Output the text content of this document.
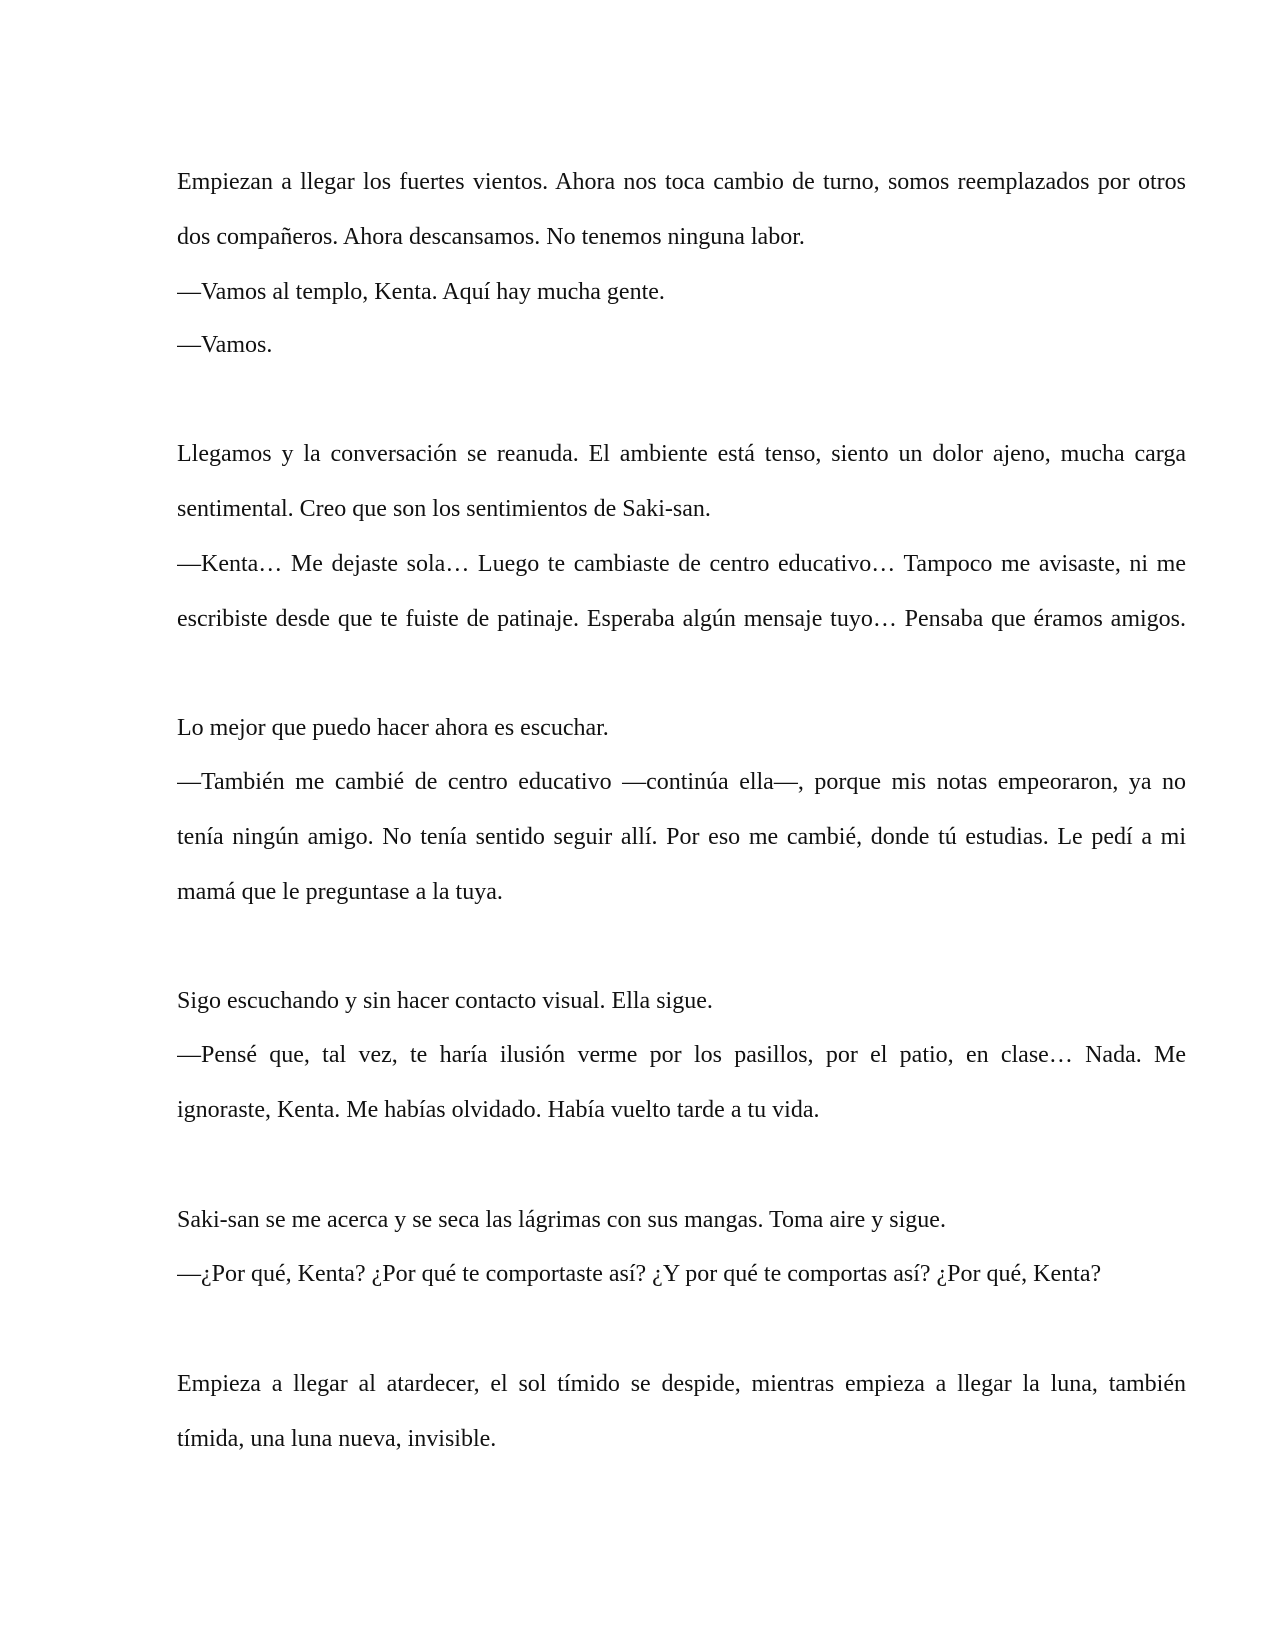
Empiezan a llegar los fuertes vientos. Ahora nos toca cambio de turno, somos reemplazados por otros
dos compañeros. Ahora descansamos. No tenemos ninguna labor.
—Vamos al templo, Kenta. Aquí hay mucha gente.
—Vamos.
Llegamos y la conversación se reanuda. El ambiente está tenso, siento un dolor ajeno, mucha carga
sentimental. Creo que son los sentimientos de Saki-san.
—Kenta… Me dejaste sola… Luego te cambiaste de centro educativo… Tampoco me avisaste, ni me
escribiste desde que te fuiste de patinaje. Esperaba algún mensaje tuyo… Pensaba que éramos amigos.
Lo mejor que puedo hacer ahora es escuchar.
—También me cambié de centro educativo —continúa ella—, porque mis notas empeoraron, ya no
tenía ningún amigo. No tenía sentido seguir allí. Por eso me cambié, donde tú estudias. Le pedí a mi
mamá que le preguntase a la tuya.
Sigo escuchando y sin hacer contacto visual. Ella sigue.
—Pensé que, tal vez, te haría ilusión verme por los pasillos, por el patio, en clase… Nada. Me
ignoraste, Kenta. Me habías olvidado. Había vuelto tarde a tu vida.
Saki-san se me acerca y se seca las lágrimas con sus mangas. Toma aire y sigue.
—¿Por qué, Kenta? ¿Por qué te comportaste así? ¿Y por qué te comportas así? ¿Por qué, Kenta?
Empieza a llegar al atardecer, el sol tímido se despide, mientras empieza a llegar la luna, también
tímida, una luna nueva, invisible.
